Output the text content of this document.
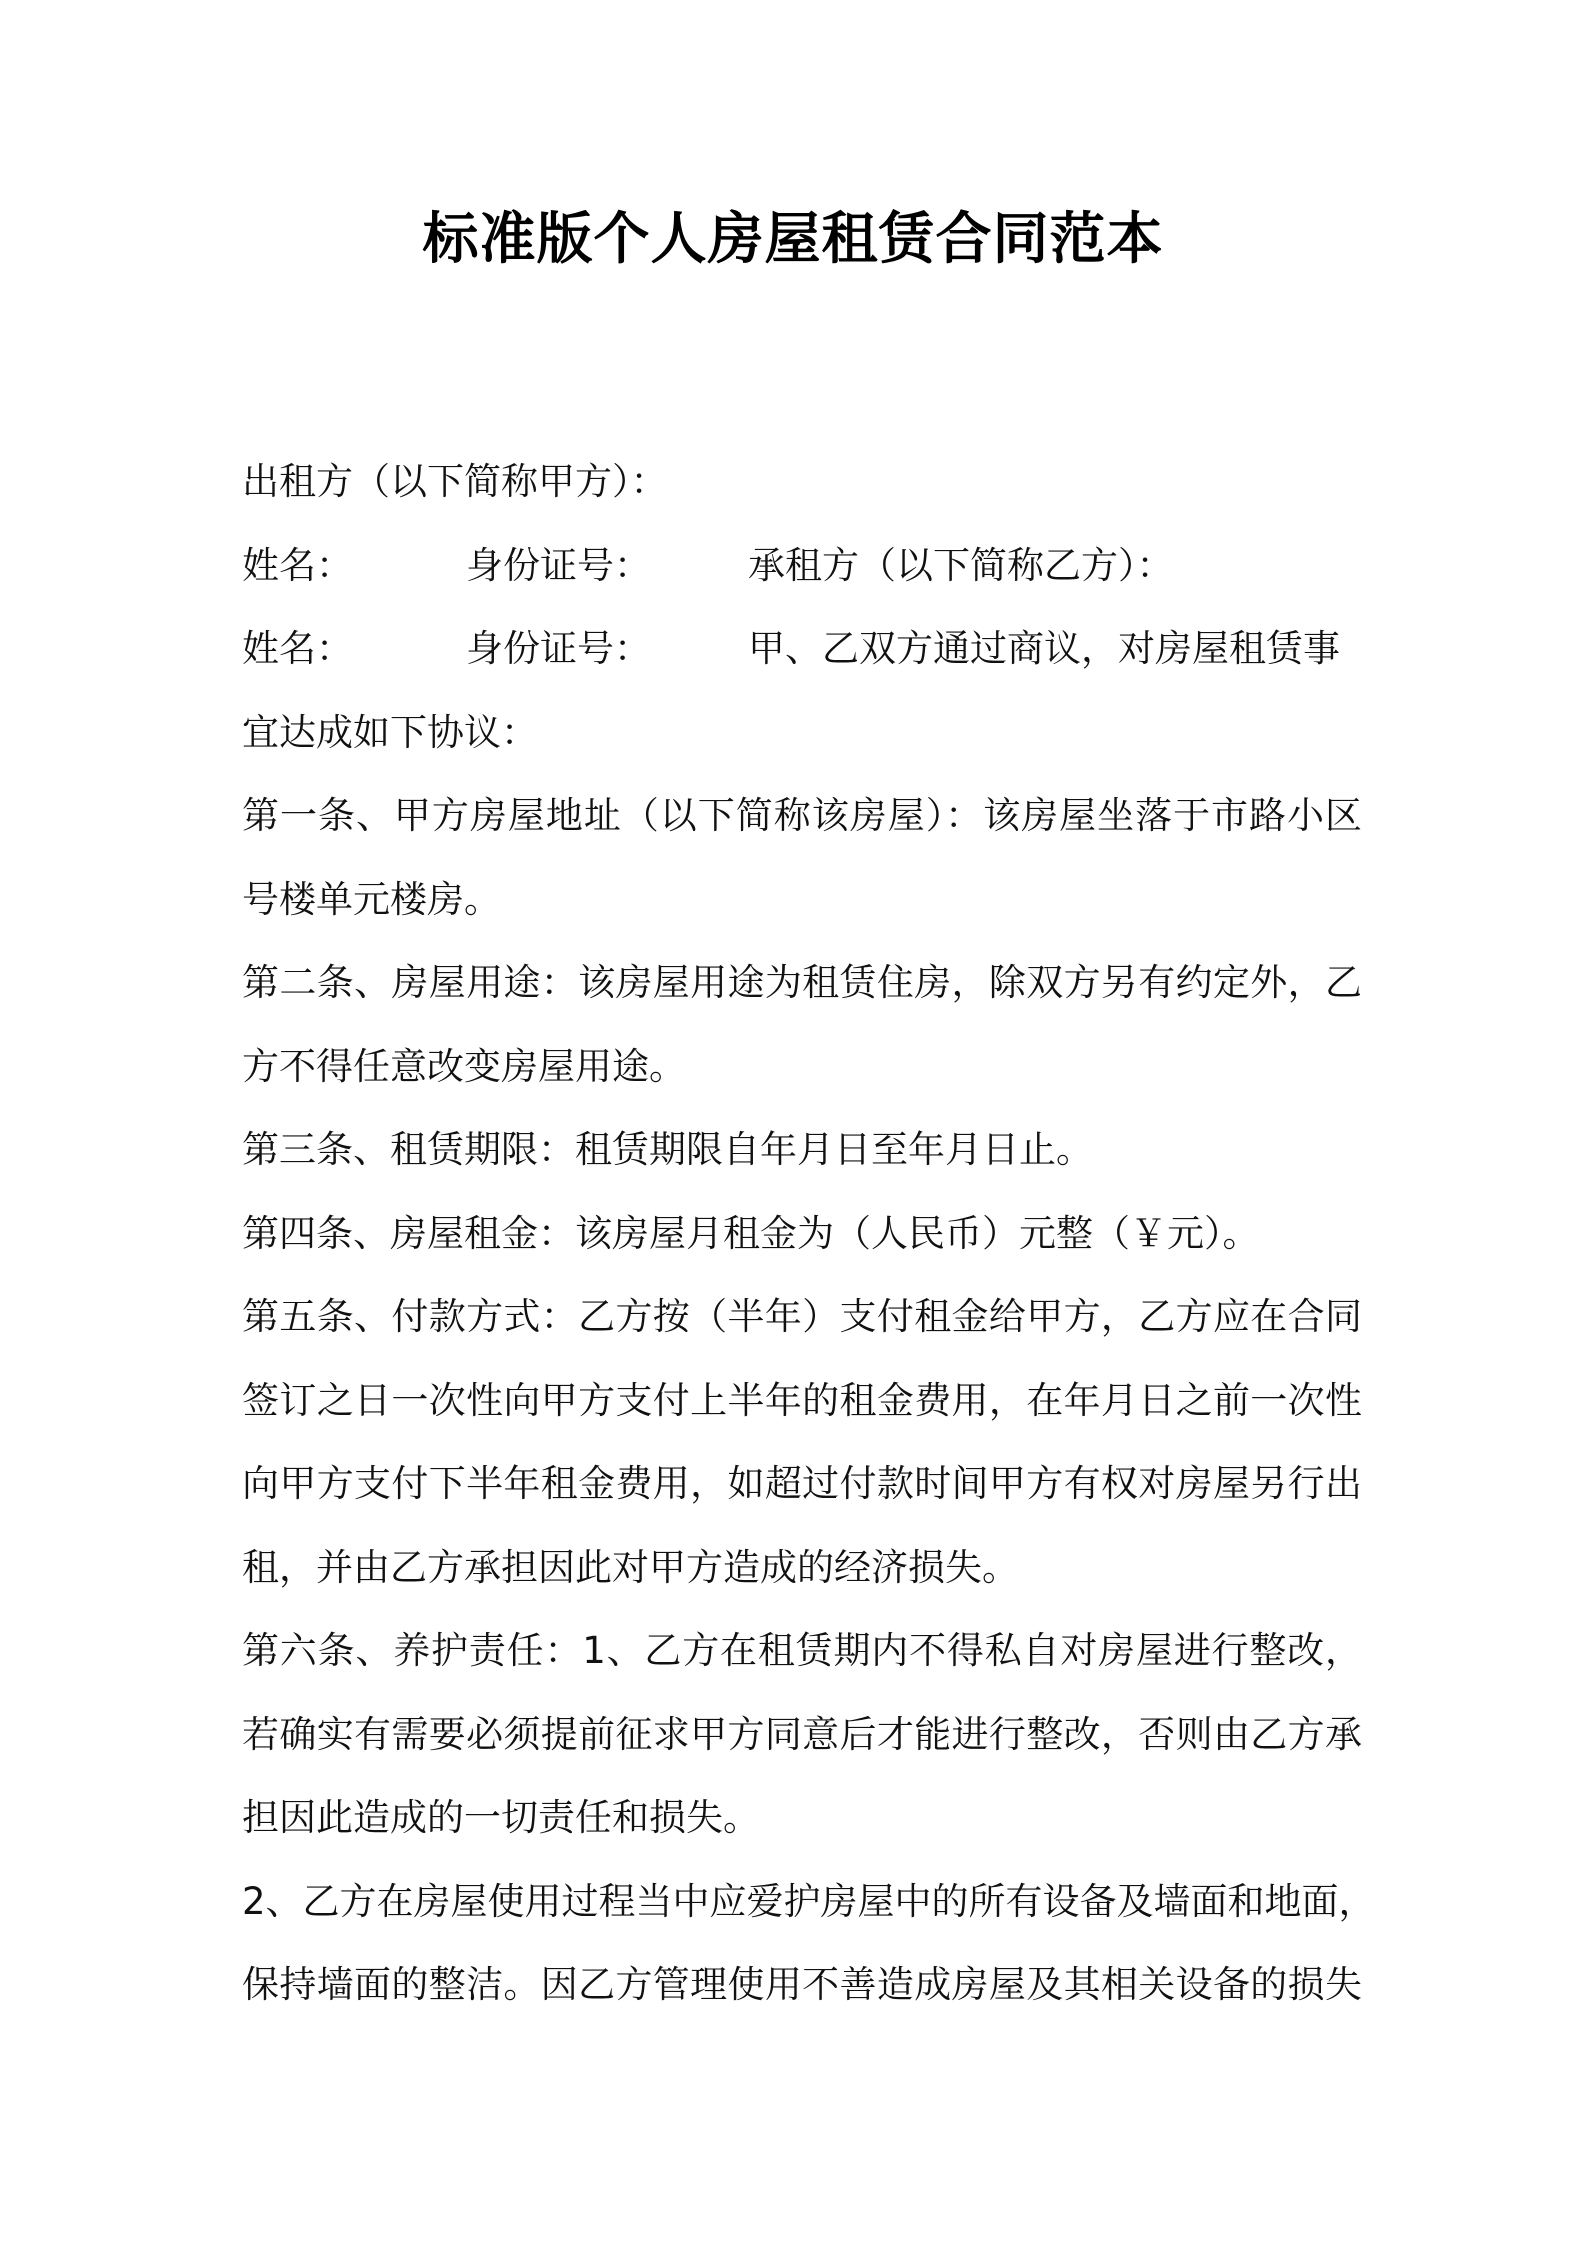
标准版个人房屋租赁合同范本
出租方（以下简称甲方）：
姓名：	身份证号：	承租方（以下简称乙方）：
姓名：	身份证号：	甲、乙双方通过商议，对房屋租赁事
宜达成如下协议：
第一条、甲方房屋地址（以下简称该房屋）：该房屋坐落于市路小区
号楼单元楼房。
第二条、房屋用途：该房屋用途为租赁住房，除双方另有约定外，乙
方不得任意改变房屋用途。
第三条、租赁期限：租赁期限自年月日至年月日止。
第四条、房屋租金：该房屋月租金为（人民币）元整（￥元）。
第五条、付款方式：乙方按（半年）支付租金给甲方，乙方应在合同
签订之日一次性向甲方支付上半年的租金费用，在年月日之前一次性
向甲方支付下半年租金费用，如超过付款时间甲方有权对房屋另行出
租，并由乙方承担因此对甲方造成的经济损失。
第六条、养护责任：1、乙方在租赁期内不得私自对房屋进行整改，
若确实有需要必须提前征求甲方同意后才能进行整改，否则由乙方承
担因此造成的一切责任和损失。
2、乙方在房屋使用过程当中应爱护房屋中的所有设备及墙面和地面，
保持墙面的整洁。因乙方管理使用不善造成房屋及其相关设备的损失
